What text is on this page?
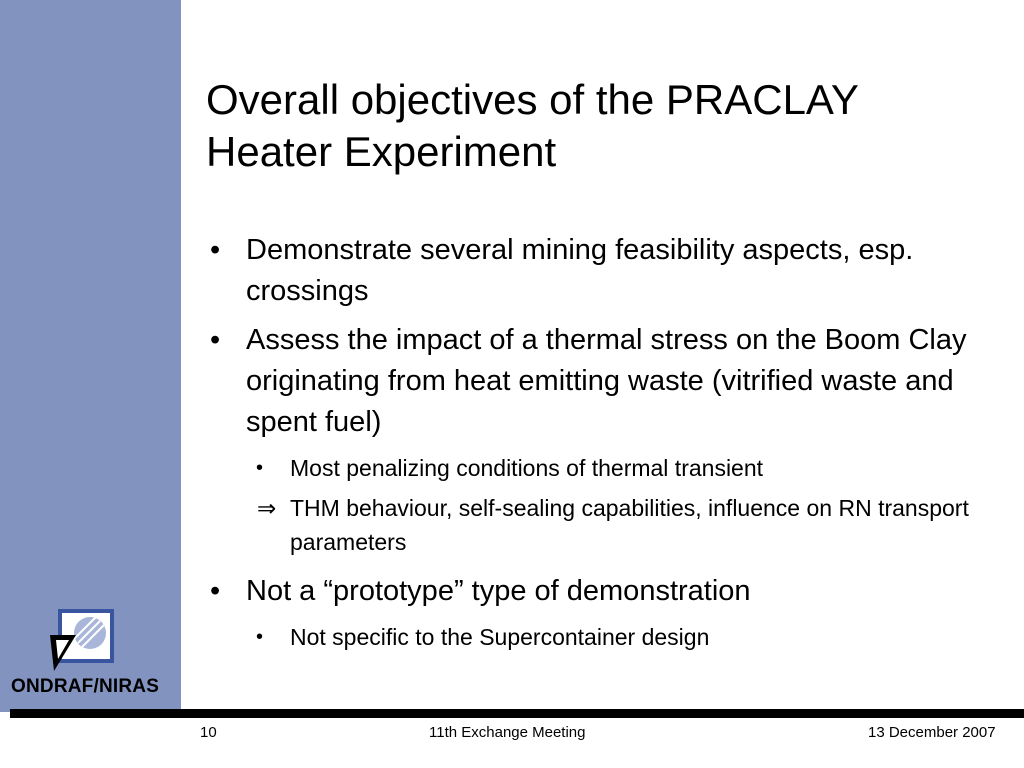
ONDRAF/NIRAS
Overall objectives of the PRACLAY
Heater Experiment
• Demonstrate several mining feasibility aspects, esp. crossings
• Assess the impact of a thermal stress on the Boom Clay originating from heat emitting waste (vitrified waste and spent fuel)
• Most penalizing conditions of thermal transient
⇒ THM behaviour, self-sealing capabilities, influence on RN transport parameters
• Not a “prototype” type of demonstration
• Not specific to the Supercontainer design
10	11th Exchange Meeting	13 December 2007
